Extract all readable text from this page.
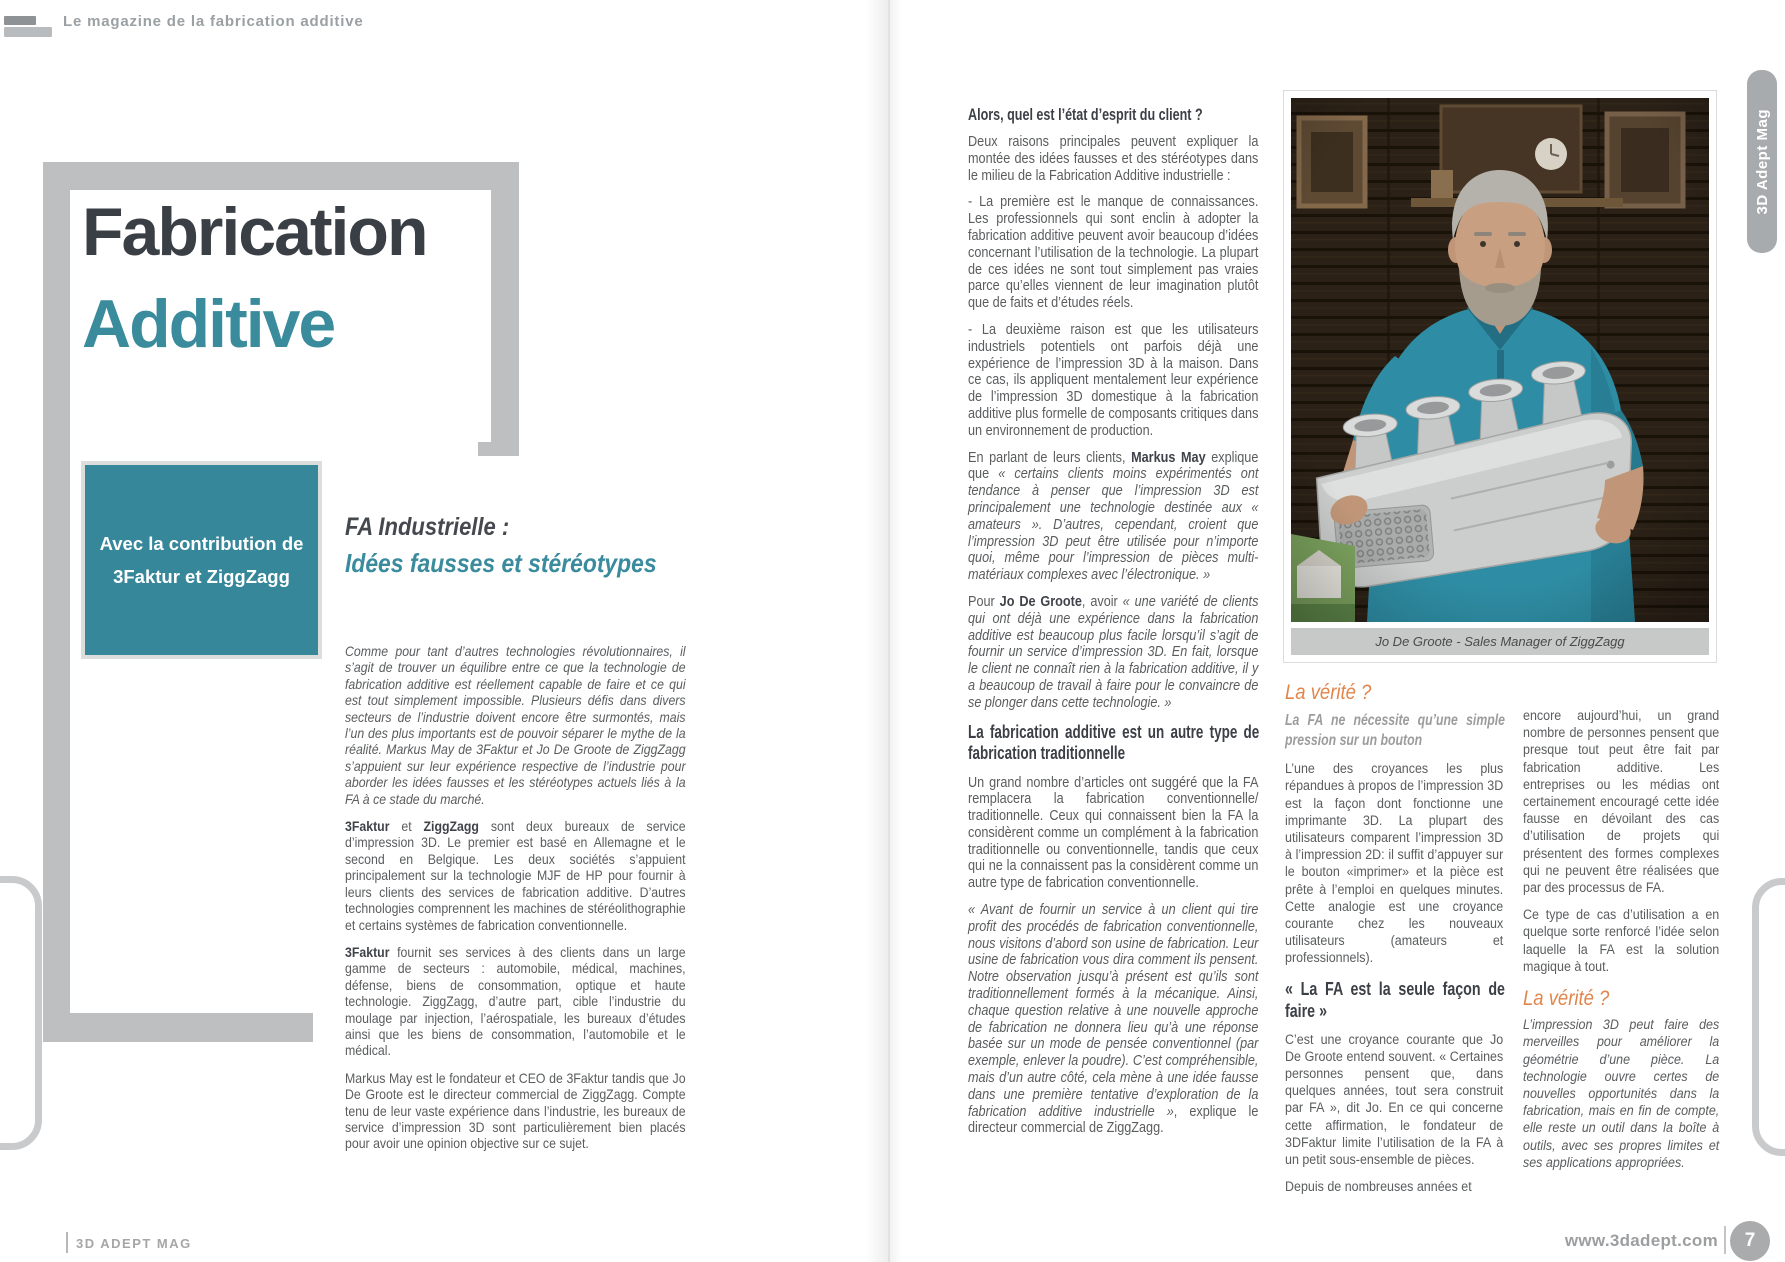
Le magazine de la fabrication additive
Fabrication
Additive
Avec la contribution de
3Faktur et ZiggZagg

FA Industrielle :

Idées fausses et stéréotypes

Comme pour tant d’autres technologies révolutionnaires, il s’agit de trouver un équilibre entre ce que la technologie de fabrication additive est réellement capable de faire et ce qui est tout simplement impossible. Plusieurs défis dans divers secteurs de l’industrie doivent encore être surmontés, mais l’un des plus importants est de pouvoir séparer le mythe de la réalité. Markus May de 3Faktur et Jo De Groote de ZiggZagg s’appuient sur leur expérience respective de l’industrie pour aborder les idées fausses et les stéréotypes actuels liés à la FA à ce stade du marché.

3Faktur et ZiggZagg sont deux bureaux de service d’impression 3D. Le premier est basé en Allemagne et le second en Belgique. Les deux sociétés s’appuient principalement sur la technologie MJF de HP pour fournir à leurs clients des services de fabrication additive. D’autres technologies comprennent les machines de stéréolithographie et certains systèmes de fabrication conventionnelle.

3Faktur fournit ses services à des clients dans un large gamme de secteurs : automobile, médical, machines, défense, biens de consommation, optique et haute technologie. ZiggZagg, d’autre part, cible l’industrie du moulage par injection, l’aérospatiale, les bureaux d’études ainsi que les biens de consommation, l’automobile et le médical.

Markus May est le fondateur et CEO de 3Faktur tandis que Jo De Groote est le directeur commercial de ZiggZagg. Compte tenu de leur vaste expérience dans l’industrie, les bureaux de service d’impression 3D sont particulièrement bien placés pour avoir une opinion objective sur ce sujet.

3D ADEPT MAG

Alors, quel est l’état d’esprit du client ?

Deux raisons principales peuvent expliquer la montée des idées fausses et des stéréotypes dans le milieu de la Fabrication Additive industrielle :

- La première est le manque de connaissances. Les professionnels qui sont enclin à adopter la fabrication additive peuvent avoir beaucoup d’idées concernant l’utilisation de la technologie. La plupart de ces idées ne sont tout simplement pas vraies parce qu’elles viennent de leur imagination plutôt que de faits et d’études réels.

- La deuxième raison est que les utilisateurs industriels potentiels ont parfois déjà une expérience de l’impression 3D à la maison. Dans ce cas, ils appliquent mentalement leur expérience de l’impression 3D domestique à la fabrication additive plus formelle de composants critiques dans un environnement de production.

En parlant de leurs clients, Markus May explique que « certains clients moins expérimentés ont tendance à penser que l’impression 3D est principalement une technologie destinée aux « amateurs ». D’autres, cependant, croient que l’impression 3D peut être utilisée pour n’importe quoi, même pour l’impression de pièces multi-matériaux complexes avec l’électronique. »

Pour Jo De Groote, avoir « une variété de clients qui ont déjà une expérience dans la fabrication additive est beaucoup plus facile lorsqu’il s’agit de fournir un service d’impression 3D. En fait, lorsque le client ne connaît rien à la fabrication additive, il y a beaucoup de travail à faire pour le convaincre de se plonger dans cette technologie. »

La fabrication additive est un autre type de fabrication traditionnelle

Un grand nombre d’articles ont suggéré que la FA remplacera la fabrication conventionnelle/ traditionnelle. Ceux qui connaissent bien la FA la considèrent comme un complément à la fabrication traditionnelle ou conventionnelle, tandis que ceux qui ne la connaissent pas la considèrent comme un autre type de fabrication conventionnelle.

« Avant de fournir un service à un client qui tire profit des procédés de fabrication conventionnelle, nous visitons d’abord son usine de fabrication. Leur usine de fabrication vous dira comment ils pensent. Notre observation jusqu’à présent est qu’ils sont traditionnellement formés à la mécanique. Ainsi, chaque question relative à une nouvelle approche de fabrication ne donnera lieu qu’à une réponse basée sur un mode de pensée conventionnel (par exemple, enlever la poudre). C’est compréhensible, mais d’un autre côté, cela mène à une idée fausse dans une première tentative d’exploration de la fabrication additive industrielle », explique le directeur commercial de ZiggZagg.

Jo De Groote - Sales Manager of ZiggZagg

La vérité ?

La FA ne nécessite qu’une simple pression sur un bouton

L’une des croyances les plus répandues à propos de l’impression 3D est la façon dont fonctionne une imprimante 3D. La plupart des utilisateurs comparent l’impression 3D à l’impression 2D: il suffit d’appuyer sur le bouton «imprimer» et la pièce est prête à l’emploi en quelques minutes. Cette analogie est une croyance courante chez les nouveaux utilisateurs (amateurs et professionnels).

« La FA est la seule façon de faire »

C’est une croyance courante que Jo De Groote entend souvent. « Certaines personnes pensent que, dans quelques années, tout sera construit par FA », dit Jo. En ce qui concerne cette affirmation, le fondateur de 3DFaktur limite l’utilisation de la FA à un petit sous-ensemble de pièces.

Depuis de nombreuses années et

encore aujourd’hui, un grand nombre de personnes pensent que presque tout peut être fait par fabrication additive. Les entreprises ou les médias ont certainement encouragé cette idée fausse en dévoilant des cas d’utilisation de projets qui présentent des formes complexes qui ne peuvent être réalisées que par des processus de FA.

Ce type de cas d’utilisation a en quelque sorte renforcé l’idée selon laquelle la FA est la solution magique à tout.

La vérité ?

L’impression 3D peut faire des merveilles pour améliorer la géométrie d’une pièce. La technologie ouvre certes de nouvelles opportunités dans la fabrication, mais en fin de compte, elle reste un outil dans la boîte à outils, avec ses propres limites et ses applications appropriées.

3D Adept Mag
www.3dadept.com 7
